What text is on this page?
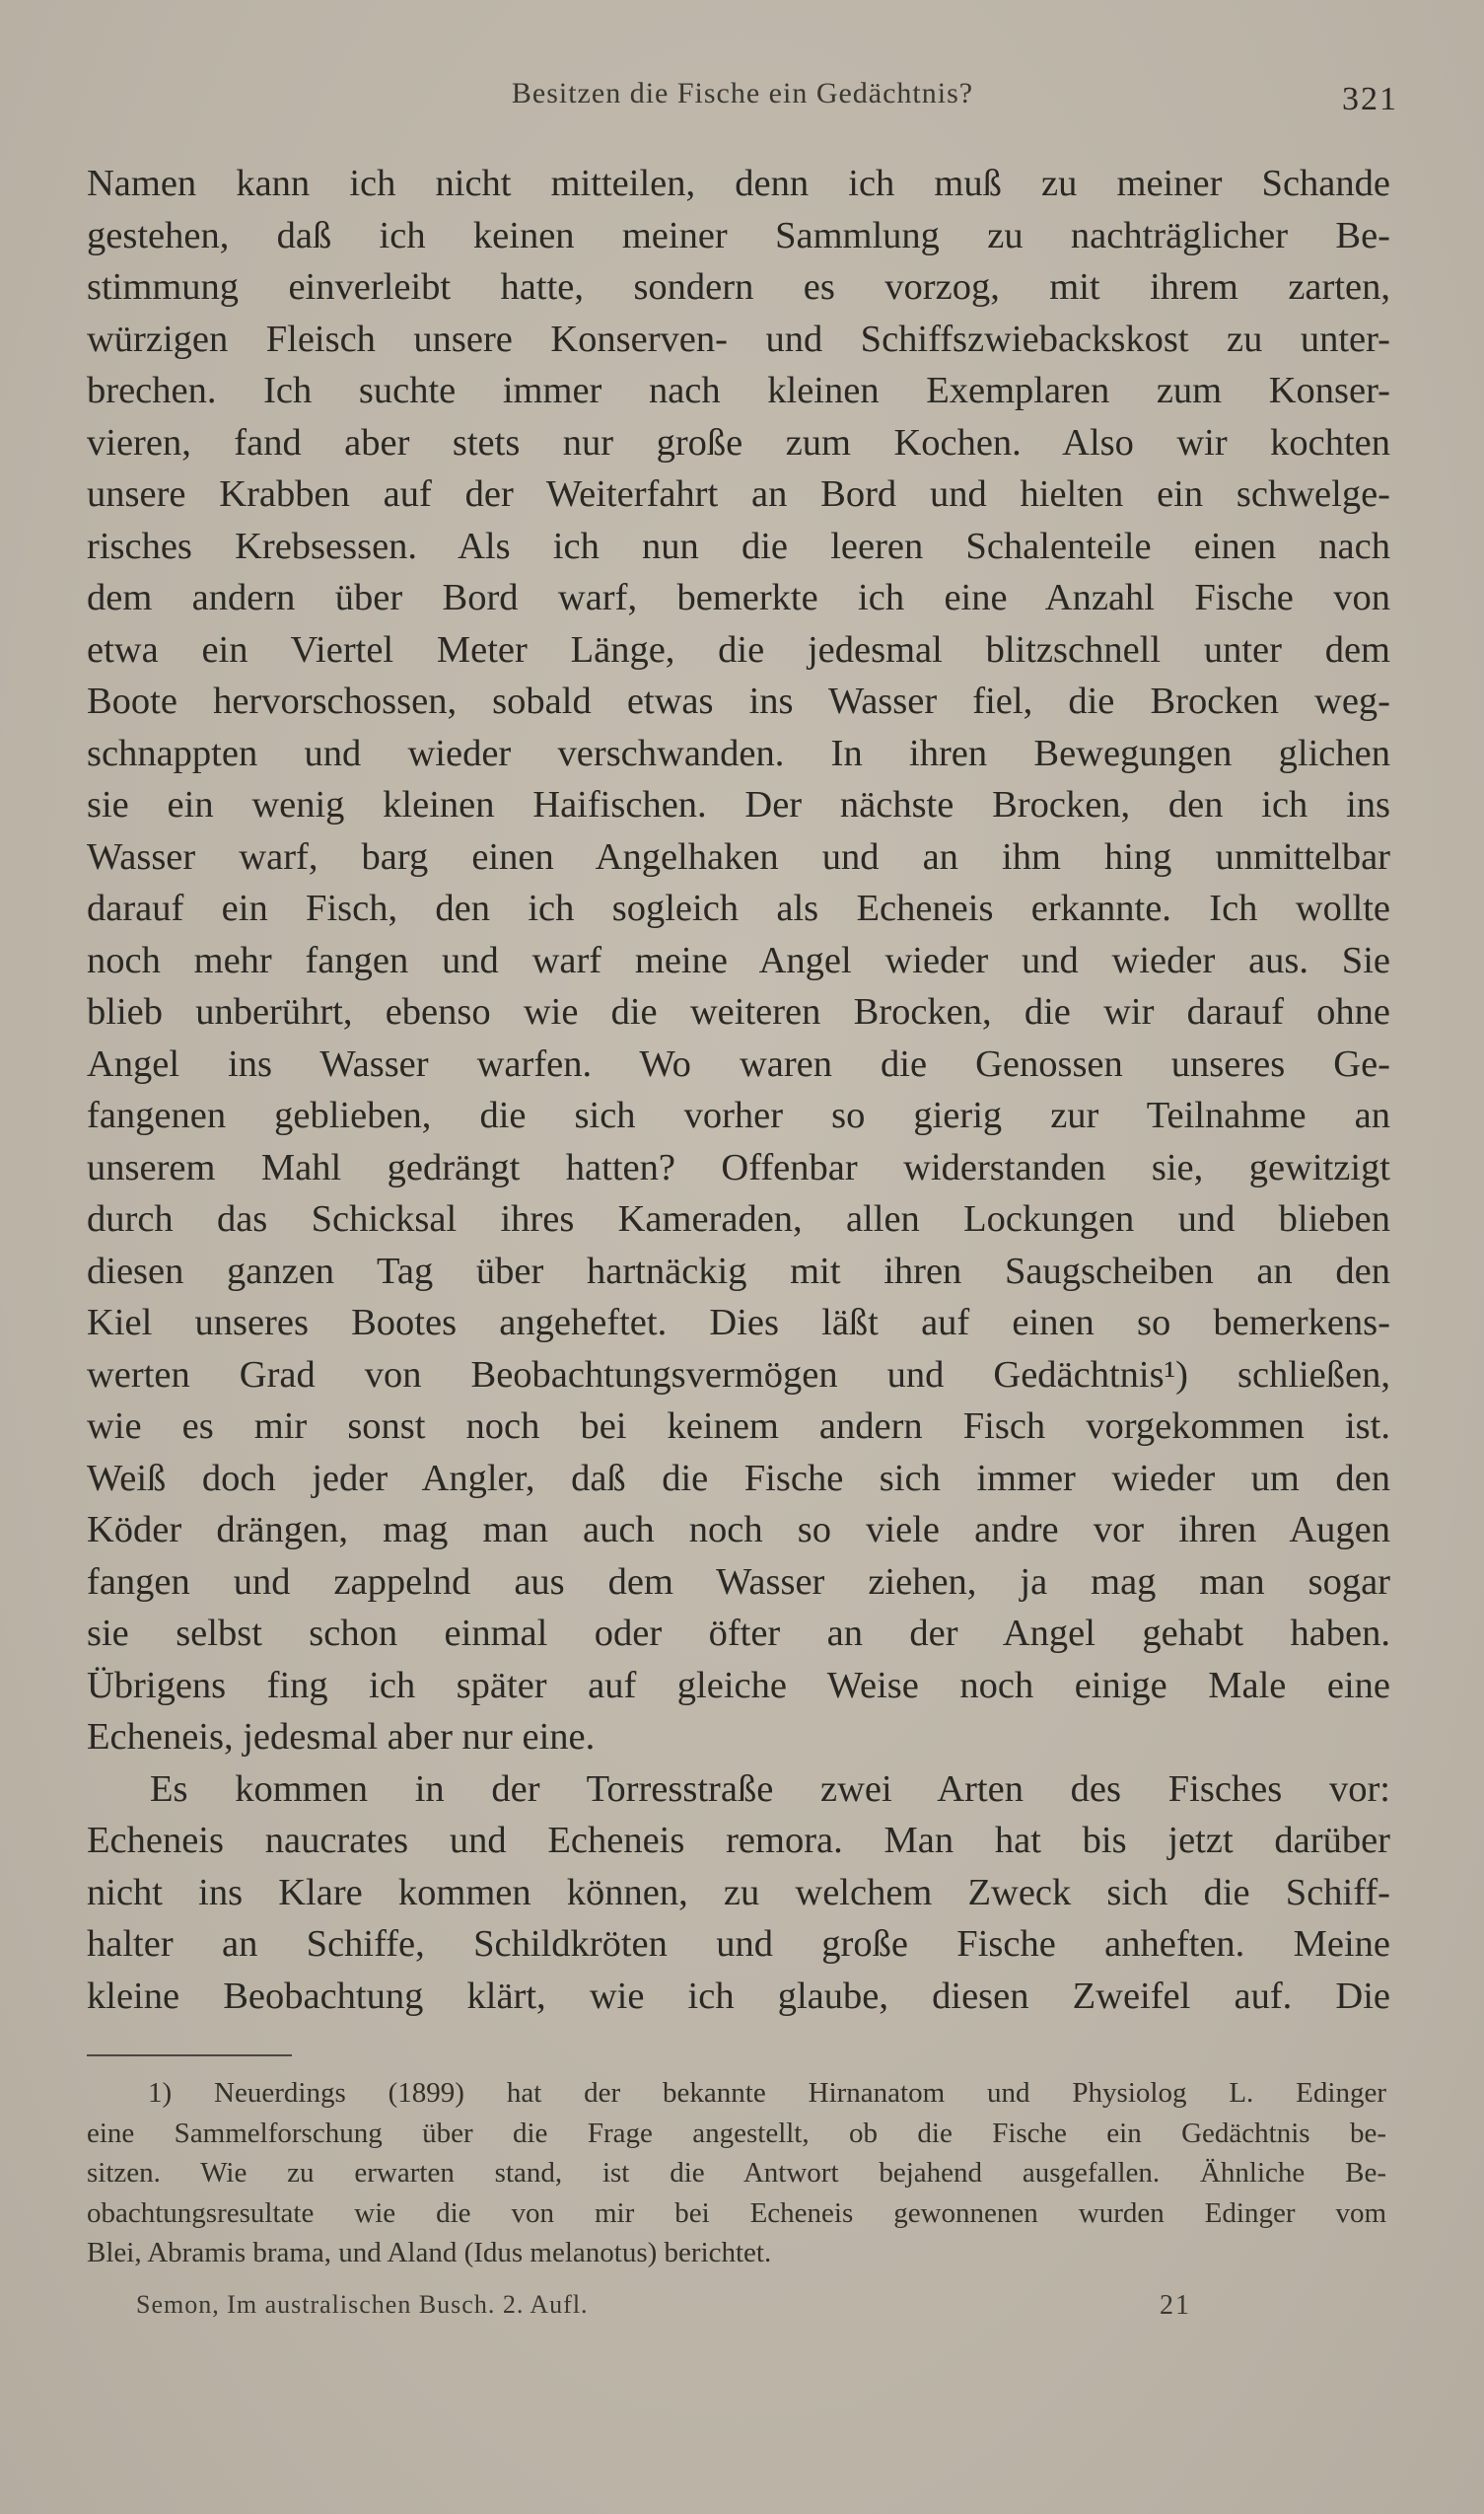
Besitzen die Fische ein Gedächtnis?	321
Namen kann ich nicht mitteilen, denn ich muß zu meiner Schande
gestehen, daß ich keinen meiner Sammlung zu nachträglicher Be-
stimmung einverleibt hatte, sondern es vorzog, mit ihrem zarten,
würzigen Fleisch unsere Konserven- und Schiffszwiebackskost zu unter-
brechen. Ich suchte immer nach kleinen Exemplaren zum Konser-
vieren, fand aber stets nur große zum Kochen. Also wir kochten
unsere Krabben auf der Weiterfahrt an Bord und hielten ein schwelge-
risches Krebsessen. Als ich nun die leeren Schalenteile einen nach
dem andern über Bord warf, bemerkte ich eine Anzahl Fische von
etwa ein Viertel Meter Länge, die jedesmal blitzschnell unter dem
Boote hervorschossen, sobald etwas ins Wasser fiel, die Brocken weg-
schnappten und wieder verschwanden. In ihren Bewegungen glichen
sie ein wenig kleinen Haifischen. Der nächste Brocken, den ich ins
Wasser warf, barg einen Angelhaken und an ihm hing unmittelbar
darauf ein Fisch, den ich sogleich als Echeneis erkannte. Ich wollte
noch mehr fangen und warf meine Angel wieder und wieder aus. Sie
blieb unberührt, ebenso wie die weiteren Brocken, die wir darauf ohne
Angel ins Wasser warfen. Wo waren die Genossen unseres Ge-
fangenen geblieben, die sich vorher so gierig zur Teilnahme an
unserem Mahl gedrängt hatten? Offenbar widerstanden sie, gewitzigt
durch das Schicksal ihres Kameraden, allen Lockungen und blieben
diesen ganzen Tag über hartnäckig mit ihren Saugscheiben an den
Kiel unseres Bootes angeheftet. Dies läßt auf einen so bemerkens-
werten Grad von Beobachtungsvermögen und Gedächtnis¹) schließen,
wie es mir sonst noch bei keinem andern Fisch vorgekommen ist.
Weiß doch jeder Angler, daß die Fische sich immer wieder um den
Köder drängen, mag man auch noch so viele andre vor ihren Augen
fangen und zappelnd aus dem Wasser ziehen, ja mag man sogar
sie selbst schon einmal oder öfter an der Angel gehabt haben.
Übrigens fing ich später auf gleiche Weise noch einige Male eine
Echeneis, jedesmal aber nur eine.
Es kommen in der Torresstraße zwei Arten des Fisches vor:
Echeneis naucrates und Echeneis remora. Man hat bis jetzt darüber
nicht ins Klare kommen können, zu welchem Zweck sich die Schiff-
halter an Schiffe, Schildkröten und große Fische anheften. Meine
kleine Beobachtung klärt, wie ich glaube, diesen Zweifel auf. Die
1) Neuerdings (1899) hat der bekannte Hirnanatom und Physiolog L. Edinger
eine Sammelforschung über die Frage angestellt, ob die Fische ein Gedächtnis be-
sitzen. Wie zu erwarten stand, ist die Antwort bejahend ausgefallen. Ähnliche Be-
obachtungsresultate wie die von mir bei Echeneis gewonnenen wurden Edinger vom
Blei, Abramis brama, und Aland (Idus melanotus) berichtet.
Semon, Im australischen Busch. 2. Aufl.	21
